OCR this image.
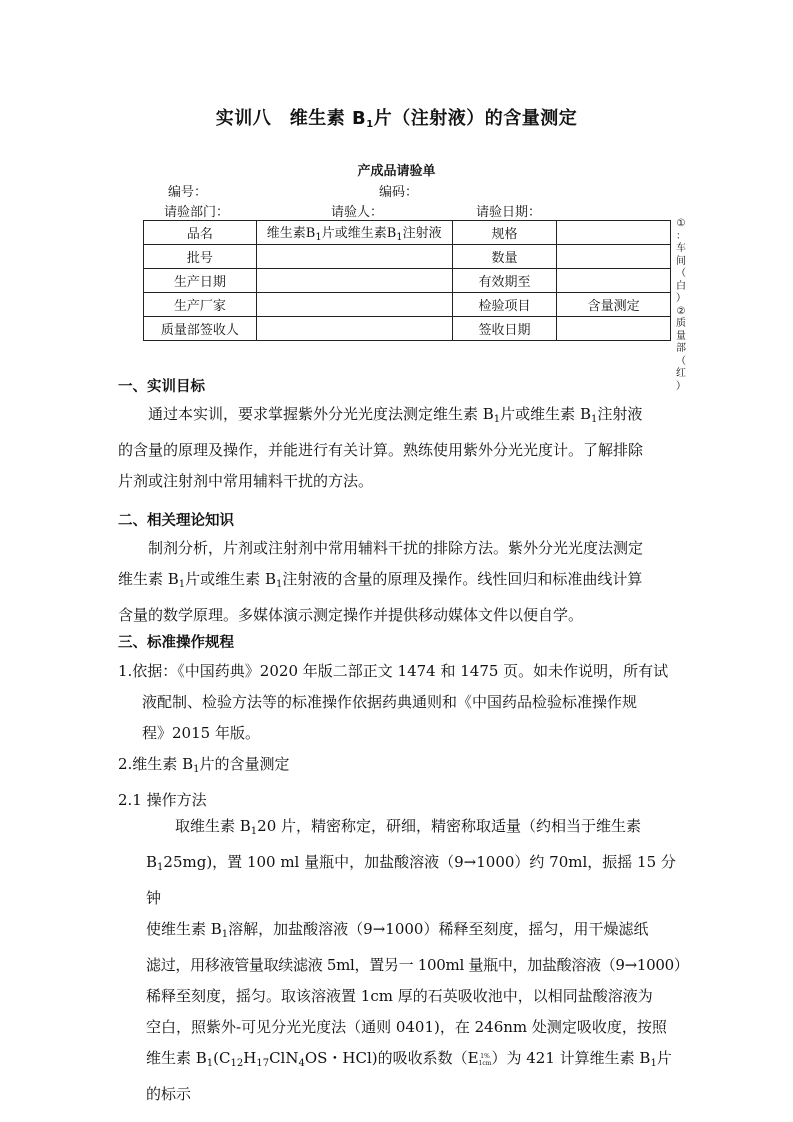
实训八　维生素 B1片（注射液）的含量测定
产成品请验单
编号：	编码：
请验部门：	请验人：	请验日期：
品名	维生素$B_1$片或维生素$B_1$注射液	规格	
批号		数量	
生产日期		有效期至	
生产厂家		检验项目	含量测定
质量部签收人		签收日期	
①
：
车
间
（
白
）
②
质
量
部
（
红
）
一、实训目标

通过本实训，要求掌握紫外分光光度法测定维生素 $B_1$片或维生素 $B_1$注射液

的含量的原理及操作，并能进行有关计算。熟练使用紫外分光光度计。了解排除

片剂或注射剂中常用辅料干扰的方法。

二、相关理论知识

制剂分析，片剂或注射剂中常用辅料干扰的排除方法。紫外分光光度法测定

维生素 $B_1$片或维生素 $B_1$注射液的含量的原理及操作。线性回归和标准曲线计算

含量的数学原理。多媒体演示测定操作并提供移动媒体文件以便自学。

三、标准操作规程

1.依据：《中国药典》2020 年版二部正文 1474 和 1475 页。如未作说明，所有试

液配制、检验方法等的标准操作依据药典通则和《中国药品检验标准操作规

程》2015 年版。

2.维生素 $B_1$片的含量测定

2.1 操作方法

取维生素 $B_120$ 片，精密称定，研细，精密称取适量（约相当于维生素

$B_125mg$)，置 100 ml 量瓶中，加盐酸溶液（9→1000）约 70ml，振摇 15 分钟

使维生素 $B_1$溶解，加盐酸溶液（9→1000）稀释至刻度，摇匀，用干燥滤纸

滤过，用移液管量取续滤液 5ml，置另一 100ml 量瓶中，加盐酸溶液（9→1000）

稀释至刻度，摇匀。取该溶液置 1cm 厚的石英吸收池中，以相同盐酸溶液为

空白，照紫外-可见分光光度法（通则 0401)，在 246nm 处测定吸收度，按照

维生素 $B_1(C_{12}H_{17}ClN_4OS$・HCl)的吸收系数（E 1%
1cm ）为 421 计算维生素 $B_1$片的标示
